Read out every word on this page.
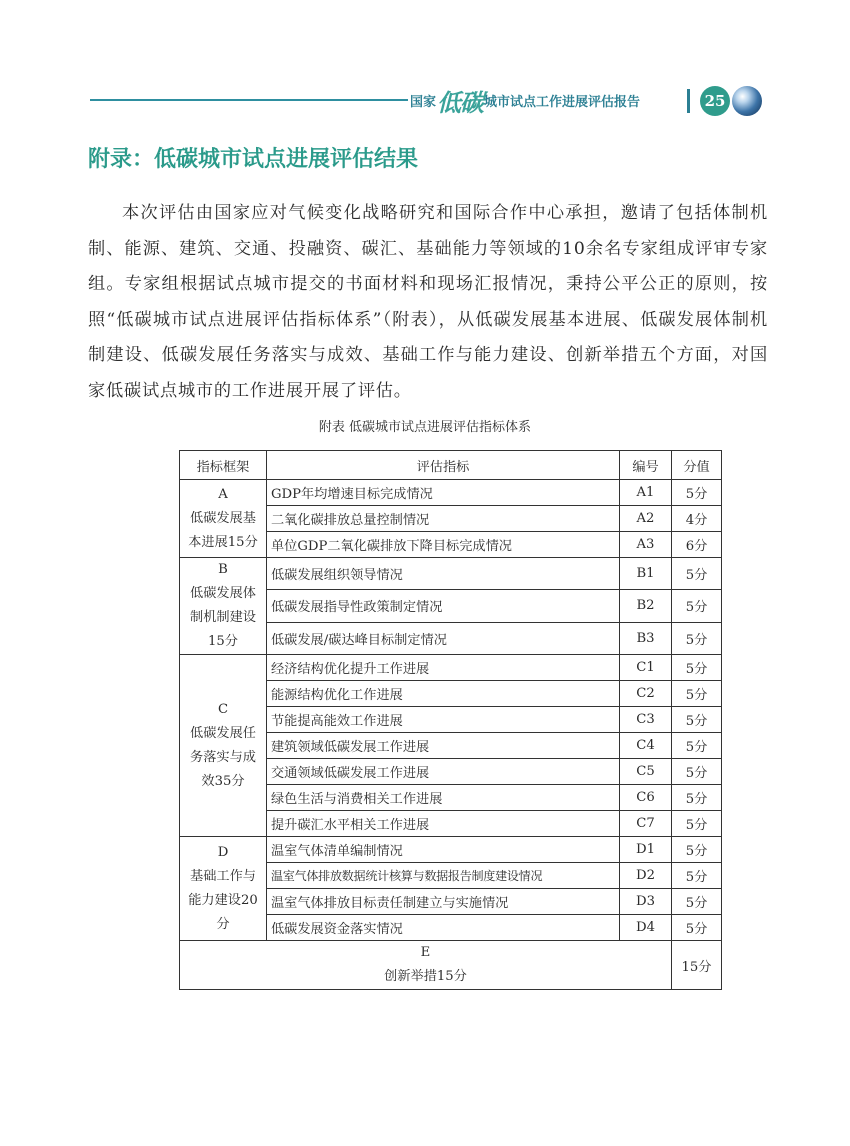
国家 低碳 城市试点工作进展评估报告	25
附录：低碳城市试点进展评估结果

本次评估由国家应对气候变化战略研究和国际合作中心承担，邀请了包括体制机制、能源、建筑、交通、投融资、碳汇、基础能力等领域的10余名专家组成评审专家组。专家组根据试点城市提交的书面材料和现场汇报情况，秉持公平公正的原则，按照“低碳城市试点进展评估指标体系”（附表），从低碳发展基本进展、低碳发展体制机制建设、低碳发展任务落实与成效、基础工作与能力建设、创新举措五个方面，对国家低碳试点城市的工作进展开展了评估。

附表 低碳城市试点进展评估指标体系
指标框架	评估指标	编号	分值

A
低碳发展基本进展15分	GDP年均增速目标完成情况	A1	5分
	二氧化碳排放总量控制情况	A2	4分
	单位GDP二氧化碳排放下降目标完成情况	A3	6分

B
低碳发展体制机制建设15分	低碳发展组织领导情况	B1	5分
	低碳发展指导性政策制定情况	B2	5分
	低碳发展/碳达峰目标制定情况	B3	5分

C
低碳发展任务落实与成效35分	经济结构优化提升工作进展	C1	5分
	能源结构优化工作进展	C2	5分
	节能提高能效工作进展	C3	5分
	建筑领域低碳发展工作进展	C4	5分
	交通领域低碳发展工作进展	C5	5分
	绿色生活与消费相关工作进展	C6	5分
	提升碳汇水平相关工作进展	C7	5分

D
基础工作与能力建设20分	温室气体清单编制情况	D1	5分
	温室气体排放数据统计核算与数据报告制度建设情况	D2	5分
	温室气体排放目标责任制建立与实施情况	D3	5分
	低碳发展资金落实情况	D4	5分

E
创新举措15分			15分
